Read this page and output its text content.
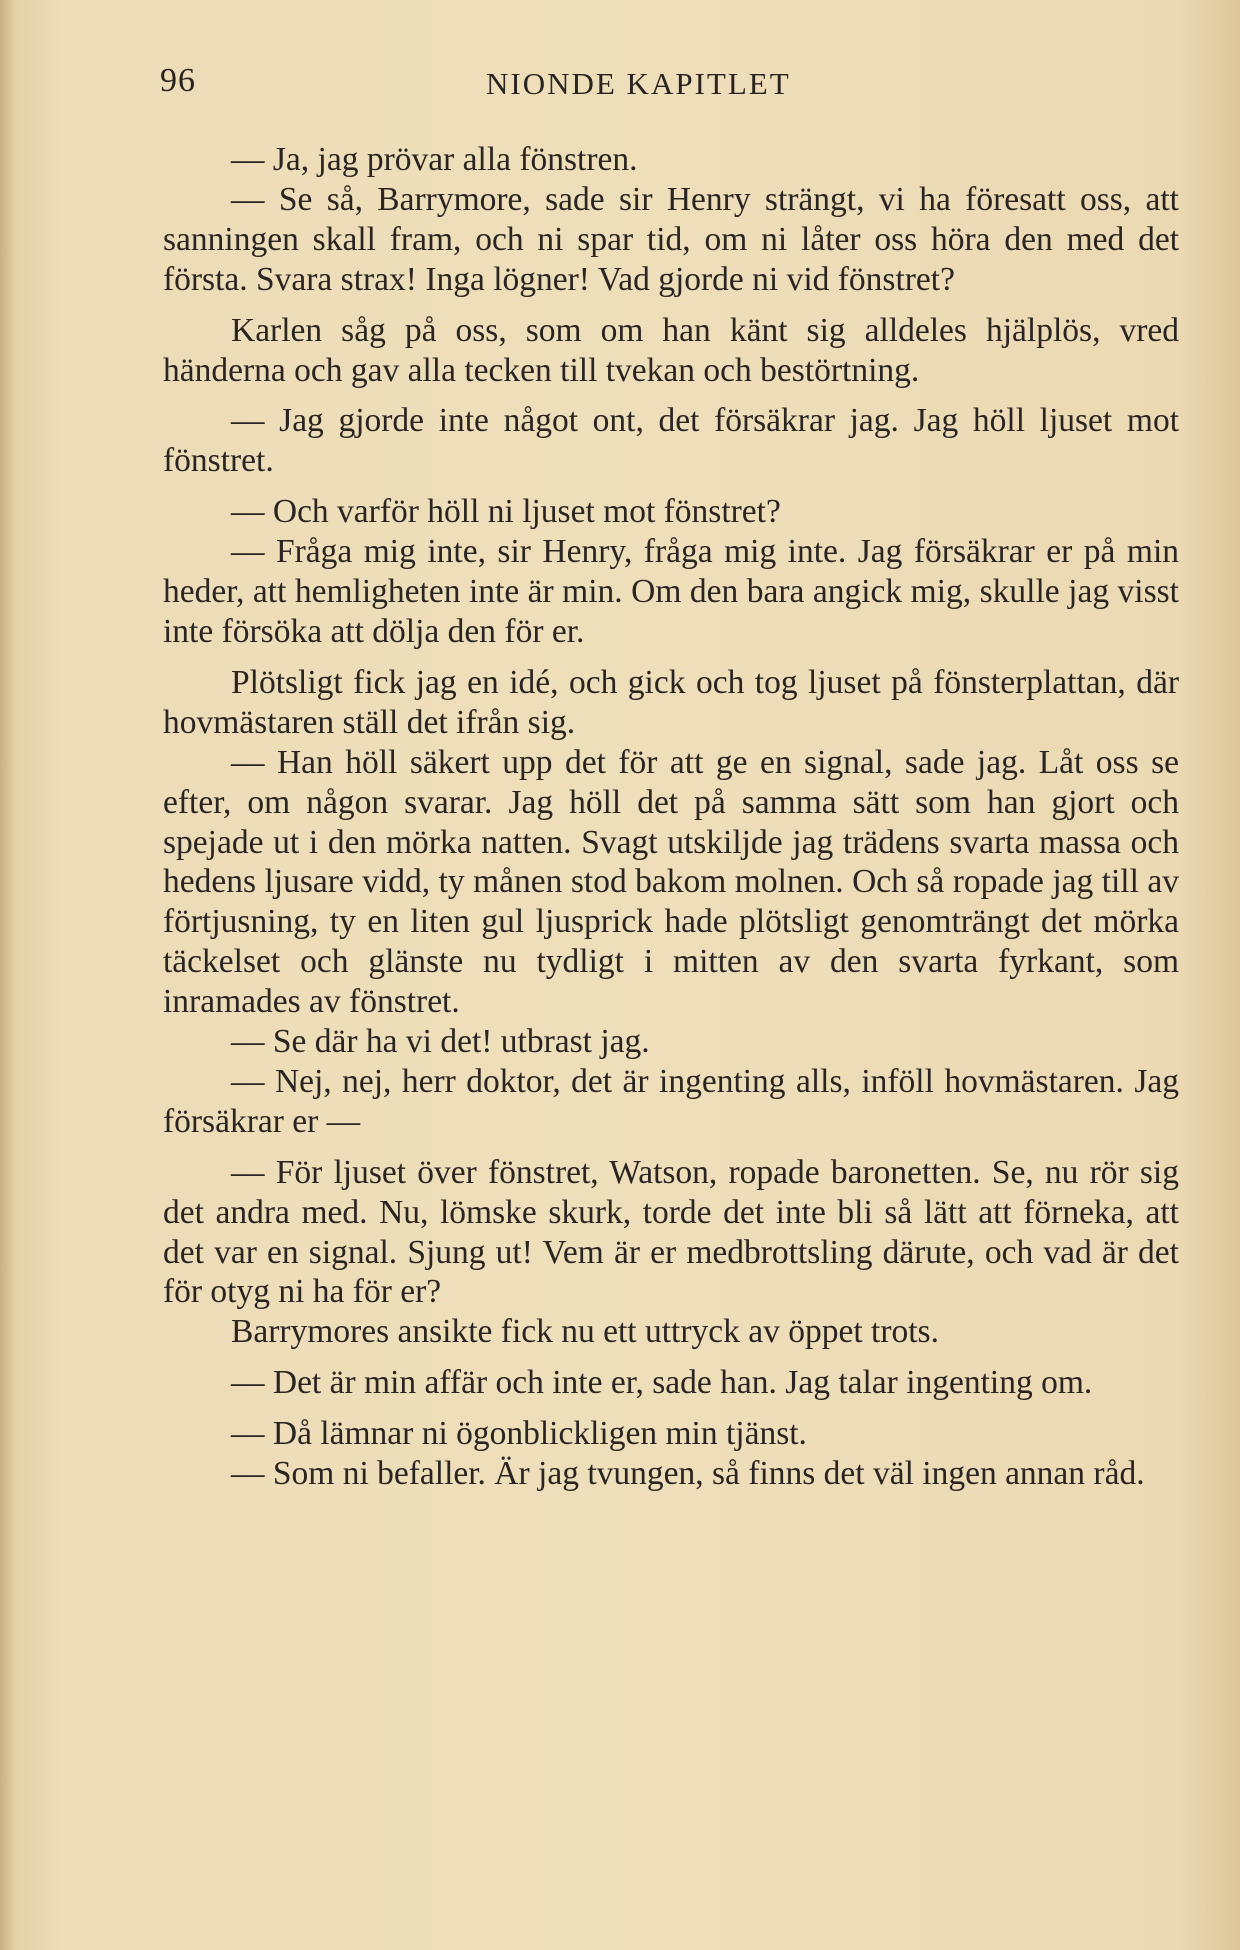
96	NIONDE KAPITLET

— Ja, jag prövar alla fönstren.

— Se så, Barrymore, sade sir Henry strängt, vi ha föresatt oss, att sanningen skall fram, och ni spar tid, om ni låter oss höra den med det första. Svara strax! Inga lögner! Vad gjorde ni vid fönstret?

Karlen såg på oss, som om han känt sig alldeles hjälplös, vred händerna och gav alla tecken till tvekan och bestörtning.

— Jag gjorde inte något ont, det försäkrar jag. Jag höll ljuset mot fönstret.

— Och varför höll ni ljuset mot fönstret?

— Fråga mig inte, sir Henry, fråga mig inte. Jag försäkrar er på min heder, att hemligheten inte är min. Om den bara angick mig, skulle jag visst inte försöka att dölja den för er.

Plötsligt fick jag en idé, och gick och tog ljuset på fönsterplattan, där hovmästaren ställ det ifrån sig.

— Han höll säkert upp det för att ge en signal, sade jag. Låt oss se efter, om någon svarar. Jag höll det på samma sätt som han gjort och spejade ut i den mörka natten. Svagt utskiljde jag trädens svarta massa och hedens ljusare vidd, ty månen stod bakom molnen. Och så ropade jag till av förtjusning, ty en liten gul ljusprick hade plötsligt genomträngt det mörka täckelset och glänste nu tydligt i mitten av den svarta fyrkant, som inramades av fönstret.

— Se där ha vi det! utbrast jag.

— Nej, nej, herr doktor, det är ingenting alls, inföll hovmästaren. Jag försäkrar er —

— För ljuset över fönstret, Watson, ropade baronetten. Se, nu rör sig det andra med. Nu, lömske skurk, torde det inte bli så lätt att förneka, att det var en signal. Sjung ut! Vem är er medbrottsling därute, och vad är det för otyg ni ha för er?

Barrymores ansikte fick nu ett uttryck av öppet trots.

— Det är min affär och inte er, sade han. Jag talar ingenting om.

— Då lämnar ni ögonblickligen min tjänst.

— Som ni befaller. Är jag tvungen, så finns det väl ingen annan råd.
